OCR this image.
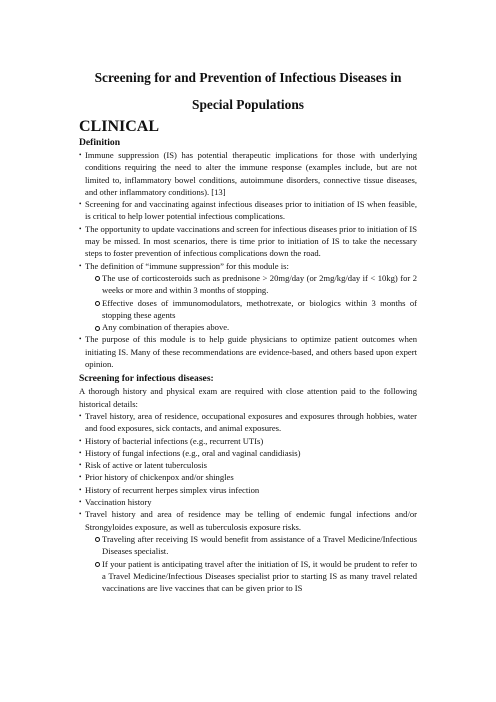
Screening for and Prevention of Infectious Diseases in
Special Populations
CLINICAL
Definition
• Immune suppression (IS) has potential therapeutic implications for those with underlying conditions requiring the need to alter the immune response (examples include, but are not limited to, inflammatory bowel conditions, autoimmune disorders, connective tissue diseases, and other inflammatory conditions). [13]
• Screening for and vaccinating against infectious diseases prior to initiation of IS when feasible, is critical to help lower potential infectious complications.
• The opportunity to update vaccinations and screen for infectious diseases prior to initiation of IS may be missed. In most scenarios, there is time prior to initiation of IS to take the necessary steps to foster prevention of infectious complications down the road.
• The definition of “immune suppression” for this module is:
The use of corticosteroids such as prednisone > 20mg/day (or 2mg/kg/day if < 10kg) for 2 weeks or more and within 3 months of stopping.
Effective doses of immunomodulators, methotrexate, or biologics within 3 months of stopping these agents
Any combination of therapies above.
• The purpose of this module is to help guide physicians to optimize patient outcomes when initiating IS. Many of these recommendations are evidence-based, and others based upon expert opinion.
Screening for infectious diseases:
A thorough history and physical exam are required with close attention paid to the following historical details:
• Travel history, area of residence, occupational exposures and exposures through hobbies, water and food exposures, sick contacts, and animal exposures.
• History of bacterial infections (e.g., recurrent UTIs)
• History of fungal infections (e.g., oral and vaginal candidiasis)
• Risk of active or latent tuberculosis
• Prior history of chickenpox and/or shingles
• History of recurrent herpes simplex virus infection
• Vaccination history
• Travel history and area of residence may be telling of endemic fungal infections and/or Strongyloides exposure, as well as tuberculosis exposure risks.
Traveling after receiving IS would benefit from assistance of a Travel Medicine/Infectious Diseases specialist.
If your patient is anticipating travel after the initiation of IS, it would be prudent to refer to a Travel Medicine/Infectious Diseases specialist prior to starting IS as many travel related vaccinations are live vaccines that can be given prior to IS
